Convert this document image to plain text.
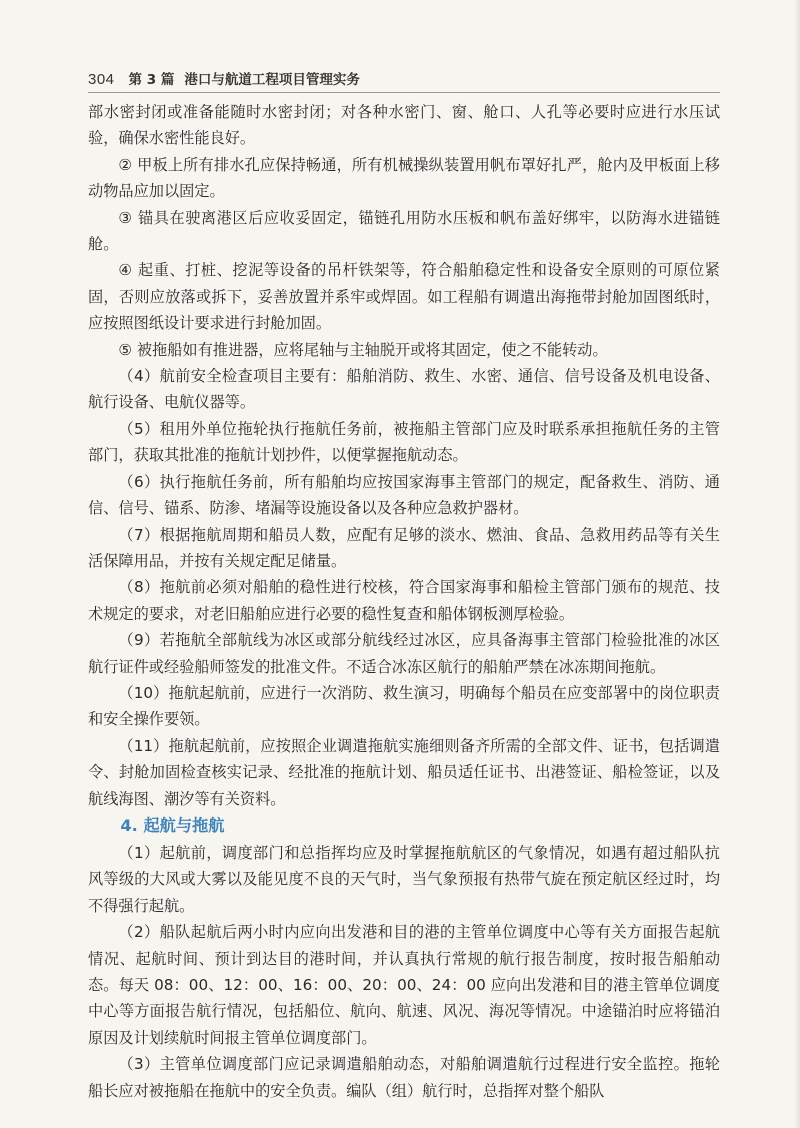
304 第 3 篇 港口与航道工程项目管理实务

部水密封闭或准备能随时水密封闭；对各种水密门、窗、舱口、人孔等必要时应进行水压试验，确保水密性能良好。

② 甲板上所有排水孔应保持畅通，所有机械操纵装置用帆布罩好扎严，舱内及甲板面上移动物品应加以固定。

③ 锚具在驶离港区后应收妥固定，锚链孔用防水压板和帆布盖好绑牢，以防海水进锚链舱。

④ 起重、打桩、挖泥等设备的吊杆铁架等，符合船舶稳定性和设备安全原则的可原位紧固，否则应放落或拆下，妥善放置并系牢或焊固。如工程船有调遣出海拖带封舱加固图纸时，应按照图纸设计要求进行封舱加固。

⑤ 被拖船如有推进器，应将尾轴与主轴脱开或将其固定，使之不能转动。

（4）航前安全检查项目主要有：船舶消防、救生、水密、通信、信号设备及机电设备、航行设备、电航仪器等。

（5）租用外单位拖轮执行拖航任务前，被拖船主管部门应及时联系承担拖航任务的主管部门，获取其批准的拖航计划抄件，以便掌握拖航动态。

（6）执行拖航任务前，所有船舶均应按国家海事主管部门的规定，配备救生、消防、通信、信号、锚系、防渗、堵漏等设施设备以及各种应急救护器材。

（7）根据拖航周期和船员人数，应配有足够的淡水、燃油、食品、急救用药品等有关生活保障用品，并按有关规定配足储量。

（8）拖航前必须对船舶的稳性进行校核，符合国家海事和船检主管部门颁布的规范、技术规定的要求，对老旧船舶应进行必要的稳性复查和船体钢板测厚检验。

（9）若拖航全部航线为冰区或部分航线经过冰区，应具备海事主管部门检验批准的冰区航行证件或经验船师签发的批准文件。不适合冰冻区航行的船舶严禁在冰冻期间拖航。

（10）拖航起航前，应进行一次消防、救生演习，明确每个船员在应变部署中的岗位职责和安全操作要领。

（11）拖航起航前，应按照企业调遣拖航实施细则备齐所需的全部文件、证书，包括调遣令、封舱加固检查核实记录、经批准的拖航计划、船员适任证书、出港签证、船检签证，以及航线海图、潮汐等有关资料。

4. 起航与拖航

（1）起航前，调度部门和总指挥均应及时掌握拖航航区的气象情况，如遇有超过船队抗风等级的大风或大雾以及能见度不良的天气时，当气象预报有热带气旋在预定航区经过时，均不得强行起航。

（2）船队起航后两小时内应向出发港和目的港的主管单位调度中心等有关方面报告起航情况、起航时间、预计到达目的港时间，并认真执行常规的航行报告制度，按时报告船舶动态。每天 08：00、12：00、16：00、20：00、24：00 应向出发港和目的港主管单位调度中心等方面报告航行情况，包括船位、航向、航速、风况、海况等情况。中途锚泊时应将锚泊原因及计划续航时间报主管单位调度部门。

（3）主管单位调度部门应记录调遣船舶动态，对船舶调遣航行过程进行安全监控。拖轮船长应对被拖船在拖航中的安全负责。编队（组）航行时，总指挥对整个船队
